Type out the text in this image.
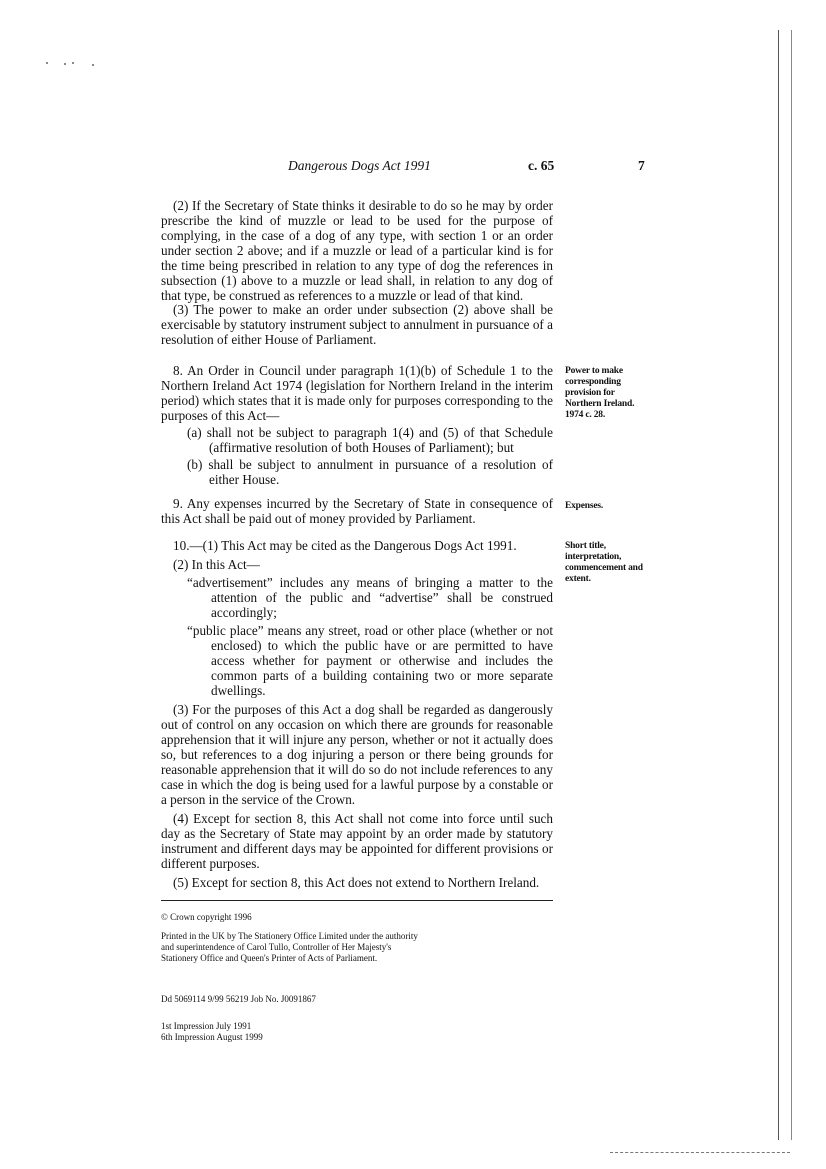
Dangerous Dogs Act 1991	c. 65	7

(2) If the Secretary of State thinks it desirable to do so he may by order prescribe the kind of muzzle or lead to be used for the purpose of complying, in the case of a dog of any type, with section 1 or an order under section 2 above; and if a muzzle or lead of a particular kind is for the time being prescribed in relation to any type of dog the references in subsection (1) above to a muzzle or lead shall, in relation to any dog of that type, be construed as references to a muzzle or lead of that kind.

(3) The power to make an order under subsection (2) above shall be exercisable by statutory instrument subject to annulment in pursuance of a resolution of either House of Parliament.

8. An Order in Council under paragraph 1(1)(b) of Schedule 1 to the Northern Ireland Act 1974 (legislation for Northern Ireland in the interim period) which states that it is made only for purposes corresponding to the purposes of this Act—

(a) shall not be subject to paragraph 1(4) and (5) of that Schedule (affirmative resolution of both Houses of Parliament); but

(b) shall be subject to annulment in pursuance of a resolution of either House.

Power to make corresponding provision for Northern Ireland. 1974 c. 28.

9. Any expenses incurred by the Secretary of State in consequence of this Act shall be paid out of money provided by Parliament.

Expenses.

10.—(1) This Act may be cited as the Dangerous Dogs Act 1991.

(2) In this Act—

“advertisement” includes any means of bringing a matter to the attention of the public and “advertise” shall be construed accordingly;

“public place” means any street, road or other place (whether or not enclosed) to which the public have or are permitted to have access whether for payment or otherwise and includes the common parts of a building containing two or more separate dwellings.

(3) For the purposes of this Act a dog shall be regarded as dangerously out of control on any occasion on which there are grounds for reasonable apprehension that it will injure any person, whether or not it actually does so, but references to a dog injuring a person or there being grounds for reasonable apprehension that it will do so do not include references to any case in which the dog is being used for a lawful purpose by a constable or a person in the service of the Crown.

(4) Except for section 8, this Act shall not come into force until such day as the Secretary of State may appoint by an order made by statutory instrument and different days may be appointed for different provisions or different purposes.

(5) Except for section 8, this Act does not extend to Northern Ireland.

Short title, interpretation, commencement and extent.
© Crown copyright 1996
Printed in the UK by The Stationery Office Limited under the authority and superintendence of Carol Tullo, Controller of Her Majesty's Stationery Office and Queen's Printer of Acts of Parliament.
Dd 5069114 9/99 56219 Job No. J0091867
1st Impression July 1991
6th Impression August 1999
